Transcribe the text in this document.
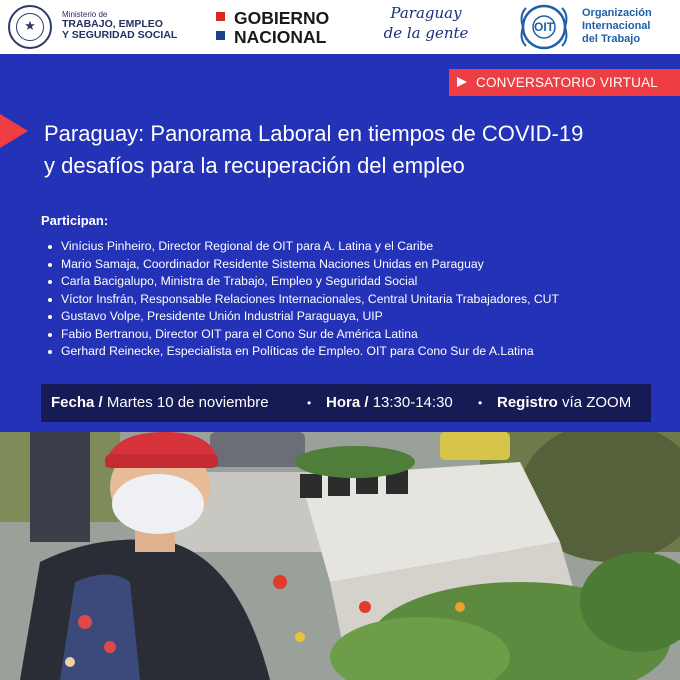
★
Ministerio de
TRABAJO, EMPLEO
Y SEGURIDAD SOCIAL
GOBIERNO
NACIONAL
Paraguay
de la gente	OIT
Organización
Internacional
del Trabajo
CONVERSATORIO VIRTUAL
Paraguay: Panorama Laboral en tiempos de COVID-19
y desafíos para la recuperación del empleo
Participan:
Vinícius Pinheiro, Director Regional de OIT para A. Latina y el Caribe
Mario Samaja, Coordinador Residente Sistema Naciones Unidas en Paraguay
Carla Bacigalupo, Ministra de Trabajo, Empleo y Seguridad Social
Víctor Insfrán, Responsable Relaciones Internacionales, Central Unitaria Trabajadores, CUT
Gustavo Volpe, Presidente Unión Industrial Paraguaya, UIP
Fabio Bertranou, Director OIT para el Cono Sur de América Latina
Gerhard Reinecke, Especialista en Políticas de Empleo. OIT para Cono Sur de A.Latina
Fecha / Martes 10 de noviembre	• Hora / 13:30-14:30 • Registro vía ZOOM
